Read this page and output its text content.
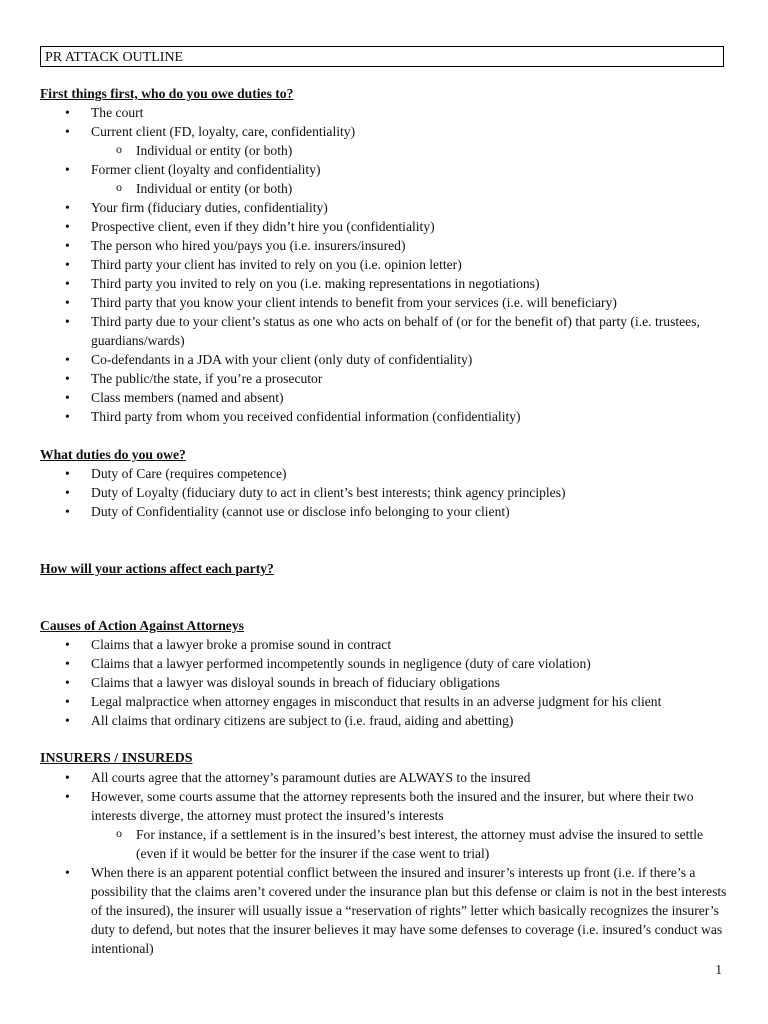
PR ATTACK OUTLINE

First things first, who do you owe duties to?

• The court
• Current client (FD, loyalty, care, confidentiality)
o Individual or entity (or both)
• Former client (loyalty and confidentiality)
o Individual or entity (or both)
• Your firm (fiduciary duties, confidentiality)
• Prospective client, even if they didn’t hire you (confidentiality)
• The person who hired you/pays you (i.e. insurers/insured)
• Third party your client has invited to rely on you (i.e. opinion letter)
• Third party you invited to rely on you (i.e. making representations in negotiations)
• Third party that you know your client intends to benefit from your services (i.e. will beneficiary)
• Third party due to your client’s status as one who acts on behalf of (or for the benefit of) that party (i.e. trustees, guardians/wards)
• Co-defendants in a JDA with your client (only duty of confidentiality)
• The public/the state, if you’re a prosecutor
• Class members (named and absent)
• Third party from whom you received confidential information (confidentiality)

What duties do you owe?

• Duty of Care (requires competence)
• Duty of Loyalty (fiduciary duty to act in client’s best interests; think agency principles)
• Duty of Confidentiality (cannot use or disclose info belonging to your client)

How will your actions affect each party?

Causes of Action Against Attorneys

• Claims that a lawyer broke a promise sound in contract
• Claims that a lawyer performed incompetently sounds in negligence (duty of care violation)
• Claims that a lawyer was disloyal sounds in breach of fiduciary obligations
• Legal malpractice when attorney engages in misconduct that results in an adverse judgment for his client
• All claims that ordinary citizens are subject to (i.e. fraud, aiding and abetting)

INSURERS / INSUREDS

• All courts agree that the attorney’s paramount duties are ALWAYS to the insured
• However, some courts assume that the attorney represents both the insured and the insurer, but where their two interests diverge, the attorney must protect the insured’s interests
o For instance, if a settlement is in the insured’s best interest, the attorney must advise the insured to settle (even if it would be better for the insurer if the case went to trial)
• When there is an apparent potential conflict between the insured and insurer’s interests up front (i.e. if there’s a possibility that the claims aren’t covered under the insurance plan but this defense or claim is not in the best interests of the insured), the insurer will usually issue a “reservation of rights” letter which basically recognizes the insurer’s duty to defend, but notes that the insurer believes it may have some defenses to coverage (i.e. insured’s conduct was intentional)
1
